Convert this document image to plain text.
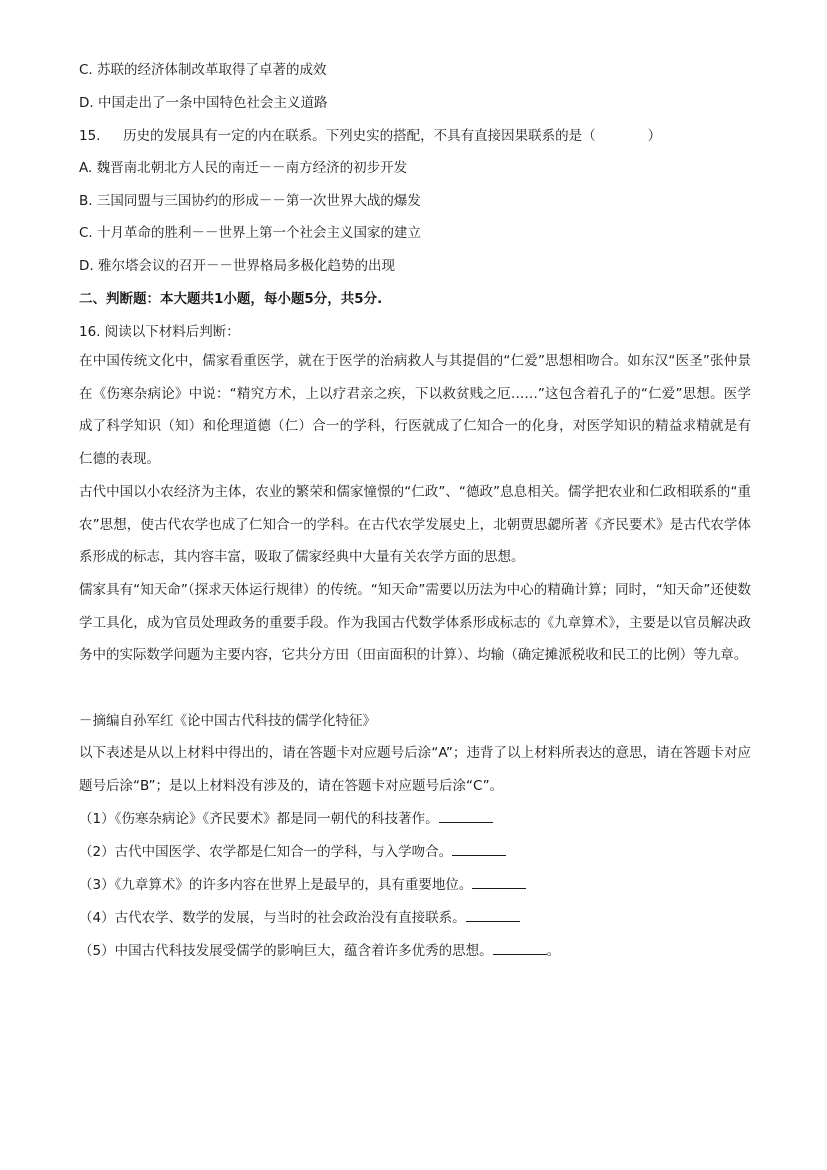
C. 苏联的经济体制改革取得了卓著的成效
D. 中国走出了一条中国特色社会主义道路
15. 历史的发展具有一定的内在联系。下列史实的搭配，不具有直接因果联系的是（	）
A. 魏晋南北朝北方人民的南迁－－南方经济的初步开发
B. 三国同盟与三国协约的形成－－第一次世界大战的爆发
C. 十月革命的胜利－－世界上第一个社会主义国家的建立
D. 雅尔塔会议的召开－－世界格局多极化趋势的出现
二、判断题：本大题共1小题，每小题5分，共5分.
16. 阅读以下材料后判断：
在中国传统文化中，儒家看重医学，就在于医学的治病救人与其提倡的“仁爱”思想相吻合。如东汉“医圣”张仲景在《伤寒杂病论》中说：“精究方术，上以疗君亲之疾，下以救贫贱之厄……”这包含着孔子的“仁爱”思想。医学成了科学知识（知）和伦理道德（仁）合一的学科，行医就成了仁知合一的化身，对医学知识的精益求精就是有仁德的表现。
古代中国以小农经济为主体，农业的繁荣和儒家憧憬的“仁政”、“德政”息息相关。儒学把农业和仁政相联系的“重农”思想，使古代农学也成了仁知合一的学科。在古代农学发展史上，北朝贾思勰所著《齐民要术》是古代农学体系形成的标志，其内容丰富，吸取了儒家经典中大量有关农学方面的思想。
儒家具有“知天命”（探求天体运行规律）的传统。“知天命”需要以历法为中心的精确计算；同时，“知天命”还使数学工具化，成为官员处理政务的重要手段。作为我国古代数学体系形成标志的《九章算术》，主要是以官员解决政务中的实际数学问题为主要内容，它共分方田（田亩面积的计算）、均输（确定摊派税收和民工的比例）等九章。
－摘编自孙军红《论中国古代科技的儒学化特征》
以下表述是从以上材料中得出的，请在答题卡对应题号后涂“A”；违背了以上材料所表达的意思，请在答题卡对应题号后涂“B”；是以上材料没有涉及的，请在答题卡对应题号后涂“C”。
（1）《伤寒杂病论》《齐民要术》都是同一朝代的科技著作。
（2）古代中国医学、农学都是仁知合一的学科，与入学吻合。
（3）《九章算术》的许多内容在世界上是最早的，具有重要地位。
（4）古代农学、数学的发展，与当时的社会政治没有直接联系。
（5）中国古代科技发展受儒学的影响巨大，蕴含着许多优秀的思想。	。
